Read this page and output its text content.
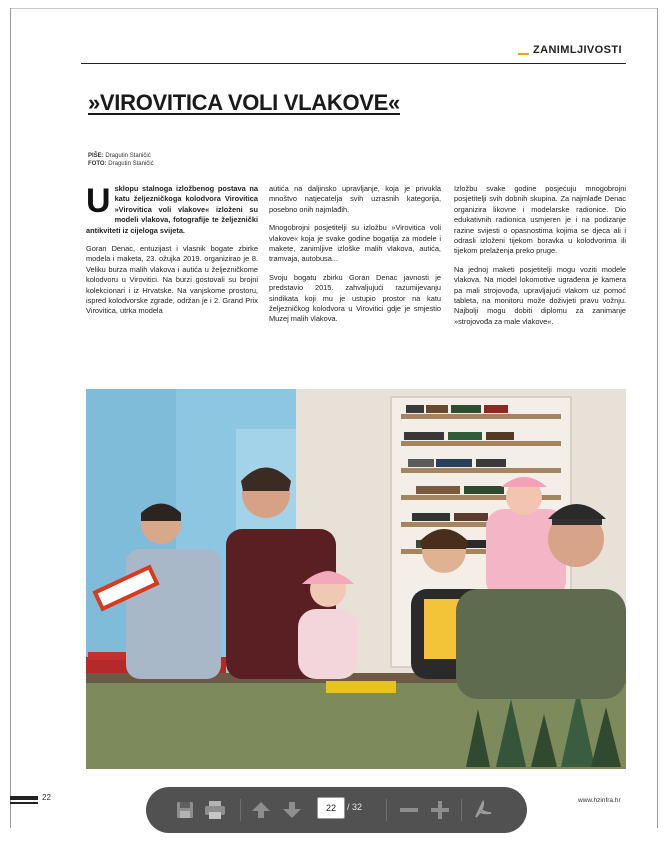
ZANIMLJIVOSTI
»VIROVITICA VOLI VLAKOVE«
PIŠE: Dragutin Staničić
FOTO: Dragutin Staničić

Usklopu stalnoga izložbenog postava na katu željezničkoga kolodvora Virovitica »Virovitica voli vlakove« izloženi su modeli vlakova, fotografije te željeznički antikviteti iz cijeloga svijeta.

Goran Denac, entuzijast i vlasnik bogate zbirke modela i maketa, 23. ožujka 2019. organizirao je 8. Veliku burza malih vlakova i autića u željezničkome kolodvoru u Virovitici. Na burzi gostovali su brojni kolekcionari i iz Hrvatske. Na vanjskome prostoru, ispred kolodvorske zgrade, održan je i 2. Grand Prix Virovitica, utrka modela

autića na daljinsko upravljanje, koja je privukla mnoštvo natjecatelja svih uzrasnih kategorija, posebno onih najmlađih.

Mnogobrojni posjetitelji su izložbu »Virovitica voli vlakove« koja je svake godine bogatija za modele i makete, zanimljive izloške malih vlakova, autića, tramvaja, autobusa...

Svoju bogatu zbirku Goran Denac javnosti je predstavio 2015. zahvaljujući razumijevanju sindikata koji mu je ustupio prostor na katu željezničkog kolodvora u Virovitici gdje je smjestio Muzej malih vlakova.

Izložbu svake godine posjećuju mnogobrojni posjetitelji svih dobnih skupina. Za najmlađe Denac organizira likovne i modelarske radionice. Dio edukativnih radionica usmjeren je i na podizanje razine svijesti o opasnostima kojima se djeca ali i odrasli izloženi tijekom boravka u kolodvorima ili tijekom prelaženja preko pruge.

Na jednoj maketi posjetitelji mogu voziti modele vlakova. Na model lokomotive ugrađena je kamera pa mali strojovođa, upravljajući vlakom uz pomoć tableta, na monitoru može doživjeti pravu vožnju. Najbolji mogu dobiti diplomu za zanimanje »strojovođa za male vlakove«.

22	www.hzinfra.hr
22	/ 32
